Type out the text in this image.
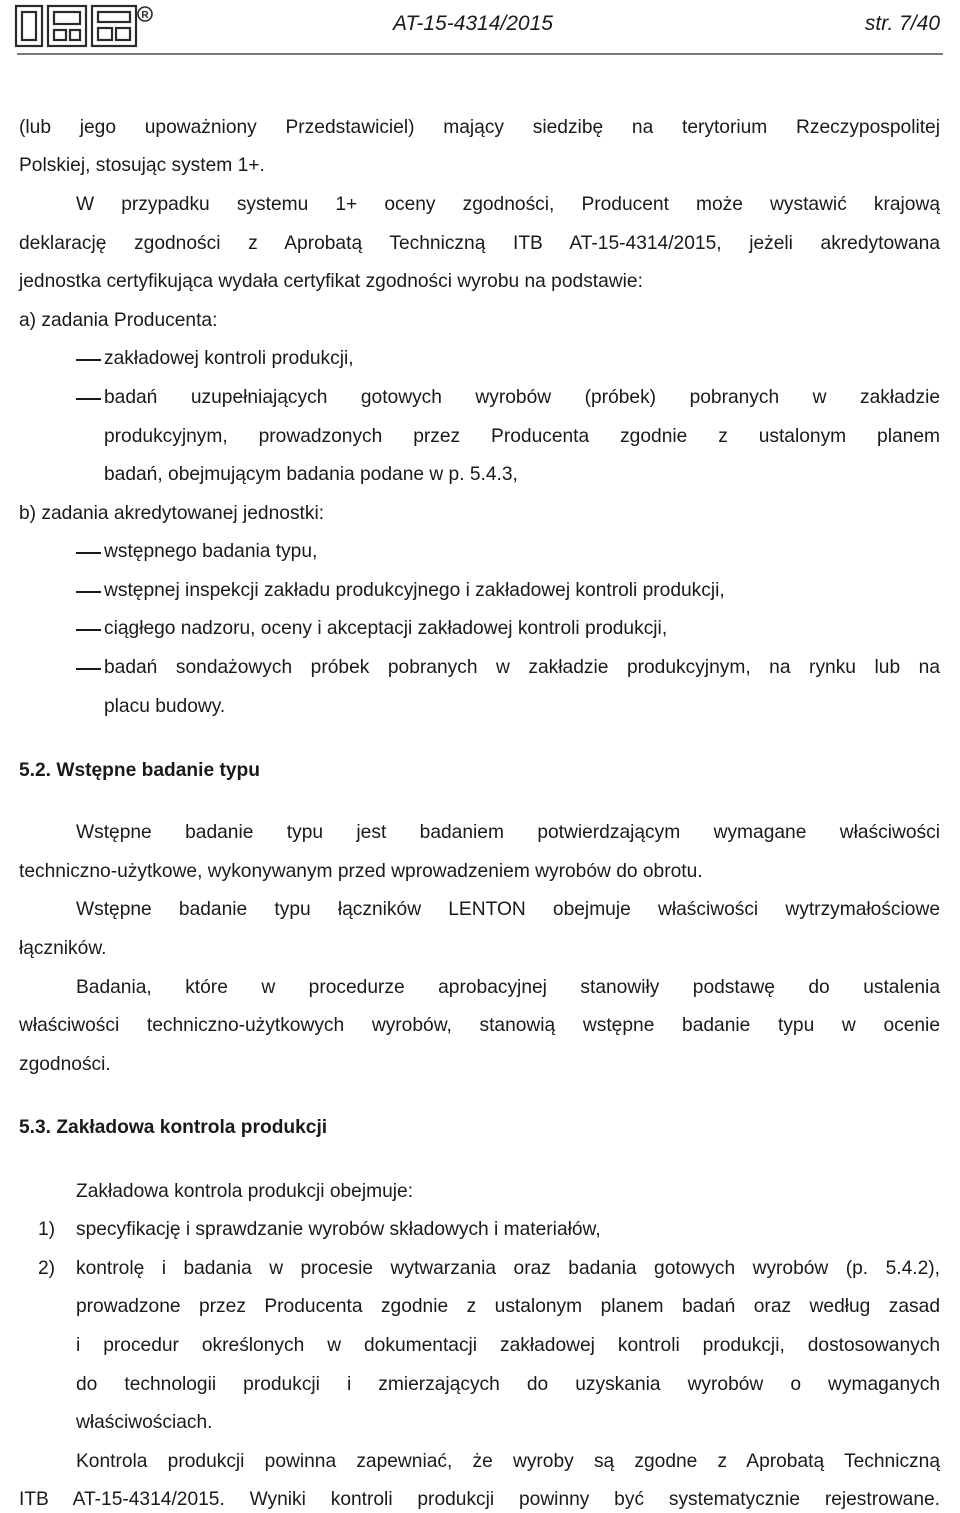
R	AT-15-4314/2015	str. 7/40
(lub jego upoważniony Przedstawiciel) mający siedzibę na terytorium Rzeczypospolitej
Polskiej, stosując system 1+.
W przypadku systemu 1+ oceny zgodności, Producent może wystawić krajową
deklarację zgodności z Aprobatą Techniczną ITB AT-15-4314/2015, jeżeli akredytowana
jednostka certyfikująca wydała certyfikat zgodności wyrobu na podstawie:
a) zadania Producenta:
zakładowej kontroli produkcji,
badań uzupełniających gotowych wyrobów (próbek) pobranych w zakładzie
produkcyjnym, prowadzonych przez Producenta zgodnie z ustalonym planem
badań, obejmującym badania podane w p. 5.4.3,
b) zadania akredytowanej jednostki:
wstępnego badania typu,
wstępnej inspekcji zakładu produkcyjnego i zakładowej kontroli produkcji,
ciągłego nadzoru, oceny i akceptacji zakładowej kontroli produkcji,
badań sondażowych próbek pobranych w zakładzie produkcyjnym, na rynku lub na
placu budowy.
5.2. Wstępne badanie typu
Wstępne badanie typu jest badaniem potwierdzającym wymagane właściwości
techniczno-użytkowe, wykonywanym przed wprowadzeniem wyrobów do obrotu.
Wstępne badanie typu łączników LENTON obejmuje właściwości wytrzymałościowe
łączników.
Badania, które w procedurze aprobacyjnej stanowiły podstawę do ustalenia
właściwości techniczno-użytkowych wyrobów, stanowią wstępne badanie typu w ocenie
zgodności.
5.3. Zakładowa kontrola produkcji
Zakładowa kontrola produkcji obejmuje:
1) specyfikację i sprawdzanie wyrobów składowych i materiałów,
2) kontrolę i badania w procesie wytwarzania oraz badania gotowych wyrobów (p. 5.4.2),
prowadzone przez Producenta zgodnie z ustalonym planem badań oraz według zasad
i procedur określonych w dokumentacji zakładowej kontroli produkcji, dostosowanych
do technologii produkcji i zmierzających do uzyskania wyrobów o wymaganych
właściwościach.
Kontrola produkcji powinna zapewniać, że wyroby są zgodne z Aprobatą Techniczną
ITB AT-15-4314/2015. Wyniki kontroli produkcji powinny być systematycznie rejestrowane.
